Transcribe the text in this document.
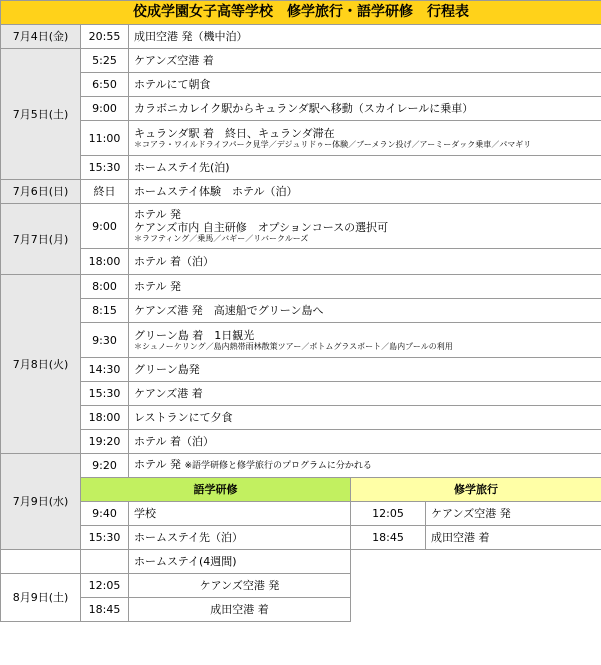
佼成学園女子高等学校　修学旅行・語学研修　行程表				
7月4日(金)	20:55	成田空港 発（機中泊）		
7月5日(土)	5:25	ケアンズ空港 着		
	6:50	ホテルにて朝食		
	9:00	カラボニカレイク駅からキュランダ駅へ移動（スカイレールに乗車）		
	11:00	キュランダ駅 着　終日、キュランダ滞在
＊コアラ・ワイルドライフパーク見学／デジュリドゥー体験／ブーメラン投げ／アーミーダック乗車／パマギリ		

	15:30	ホームステイ先(泊)		
7月6日(日)	終日	ホームステイ体験　ホテル（泊）		
7月7日(月)	9:00	ホテル 発
ケアンズ市内 自主研修　オプションコースの選択可
＊ラフティング／乗馬／バギー／リバークルーズ		

	18:00	ホテル 着（泊）		
7月8日(火)	8:00	ホテル 発		
	8:15	ケアンズ港 発　高速船でグリーン島へ		
	9:30	グリーン島 着　1日観光
＊シュノーケリング／島内熱帯雨林散策ツアー／ボトムグラスボート／島内プールの利用		

	14:30	グリーン島発		
	15:30	ケアンズ港 着		
	18:00	レストランにて夕食		
	19:20	ホテル 着（泊）		
7月9日(水)	9:20	ホテル 発 ※語学研修と修学旅行のプログラムに分かれる		
	語学研修		修学旅行	
	9:40	学校	12:05	ケアンズ空港 発
	15:30	ホームステイ先（泊）	18:45	成田空港 着
		ホームステイ(4週間)		
8月9日(土)	12:05	ケアンズ空港 発		
	18:45	成田空港 着		
